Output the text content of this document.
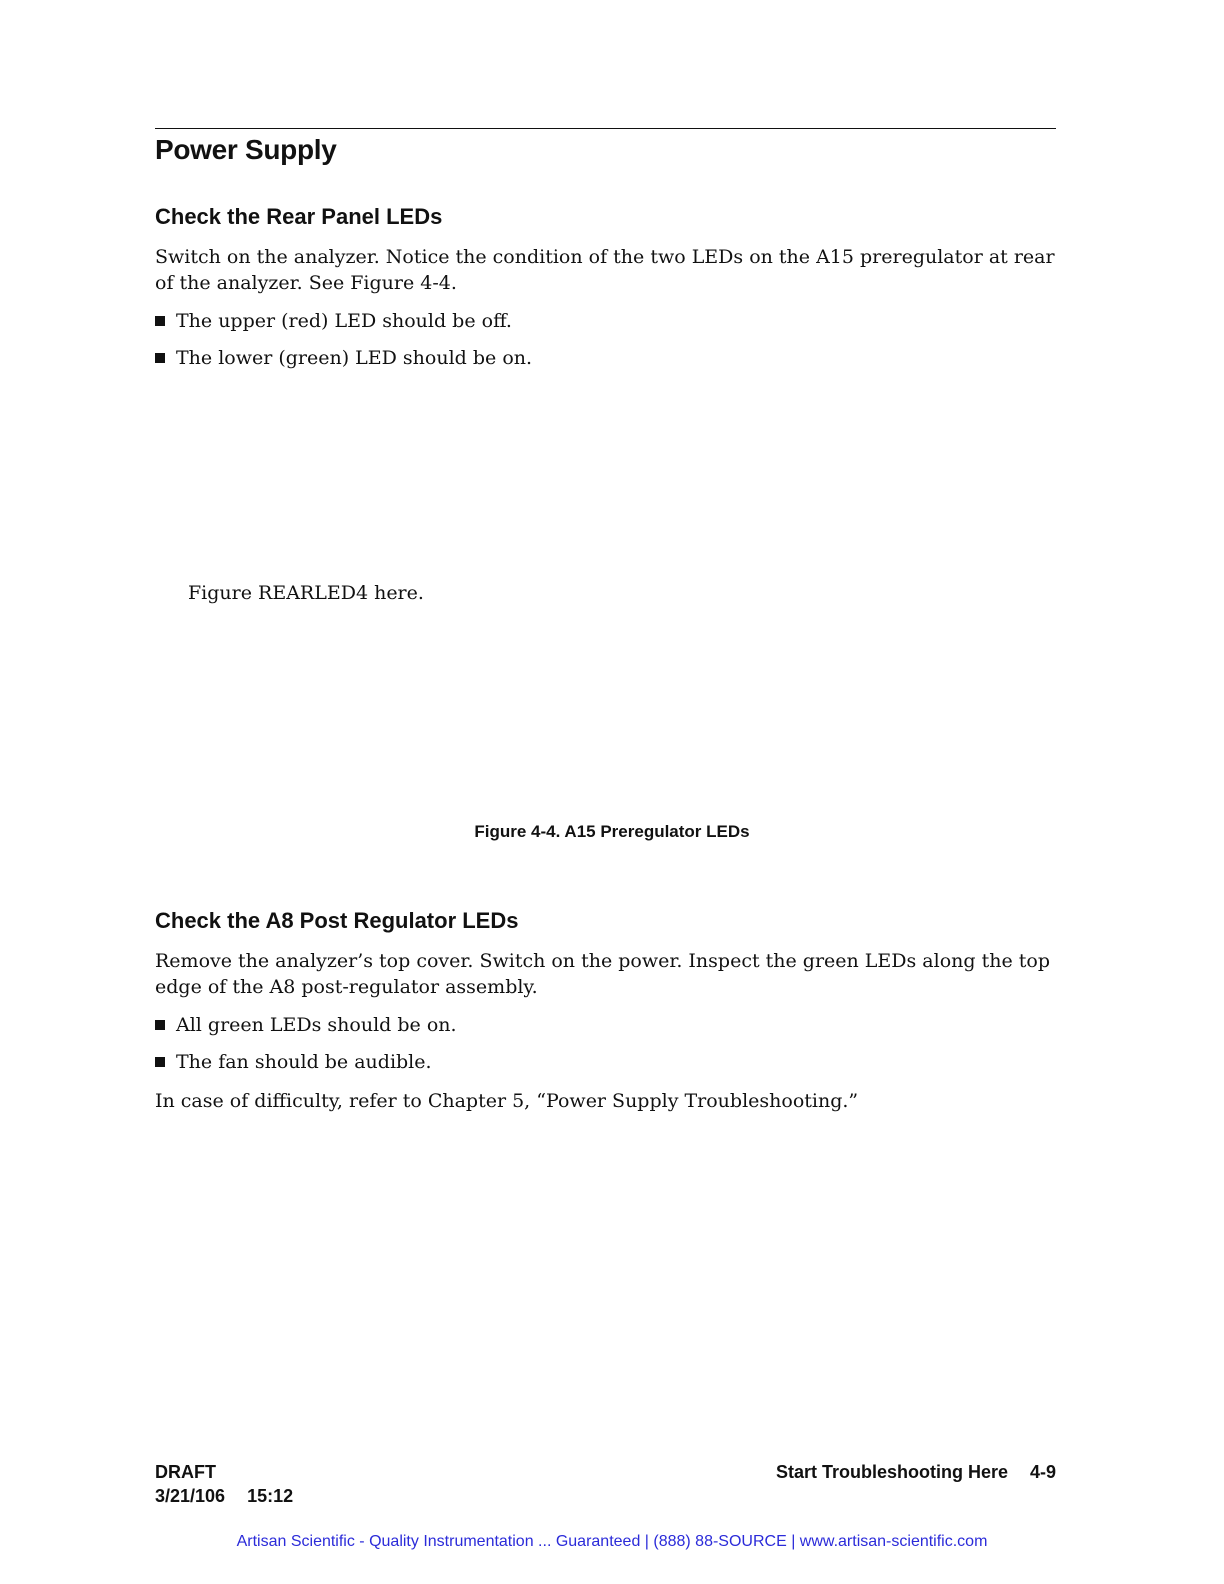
Power Supply
Check the Rear Panel LEDs
Switch on the analyzer. Notice the condition of the two LEDs on the A15 preregulator at rear of the analyzer. See Figure 4-4.
The upper (red) LED should be off.
The lower (green) LED should be on.
Figure REARLED4 here.
Figure 4-4. A15 Preregulator LEDs
Check the A8 Post Regulator LEDs
Remove the analyzer’s top cover. Switch on the power. Inspect the green LEDs along the top edge of the A8 post-regulator assembly.
All green LEDs should be on.
The fan should be audible.
In case of difficulty, refer to Chapter 5, “Power Supply Troubleshooting.”
DRAFT
3/21/106 15:12
Start Troubleshooting Here 4-9
Artisan Scientific - Quality Instrumentation ... Guaranteed | (888) 88-SOURCE | www.artisan-scientific.com
